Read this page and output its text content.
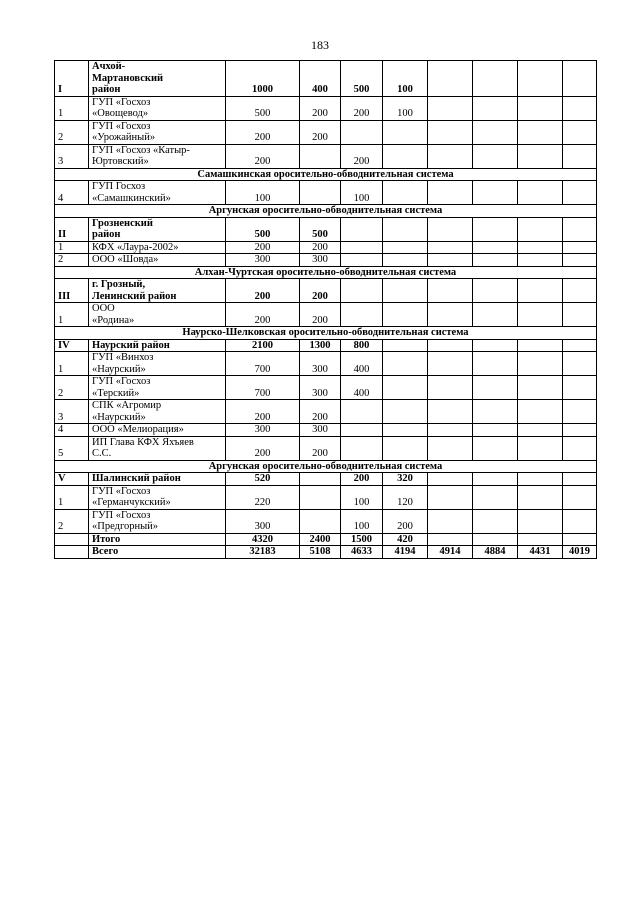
183
I	Ачхой-
Мартановский
район	1000	400	500	100				
1	ГУП «Госхоз
«Овощевод»	500	200	200	100				
2	ГУП «Госхоз
«Урожайный»	200	200						
3	ГУП «Госхоз «Катыр-
Юртовский»	200		200					
Самашкинская оросительно-обводнительная система									
4	ГУП Госхоз
«Самашкинский»	100		100					
Аргунская оросительно-обводнительная система									
II	Грозненский
район	500	500						
1	КФХ «Лаура-2002»	200	200						
2	ООО «Шовда»	300	300						
Алхан-Чуртская оросительно-обводнительная система									
III	г. Грозный,
Ленинский район	200	200						
1	ООО
«Родина»	200	200						
Наурско-Шелковская оросительно-обводнительная система									
IV	Наурский район	2100	1300	800					
1	ГУП «Винхоз
«Наурский»	700	300	400					
2	ГУП «Госхоз
«Терский»	700	300	400					
3	СПК «Агромир
«Наурский»	200	200						
4	ООО «Мелиорация»	300	300						
5	ИП Глава КФХ Яхъяев
С.С.	200	200						
Аргунская оросительно-обводнительная система									
V	Шалинский район	520		200	320				
1	ГУП «Госхоз
«Германчукский»	220		100	120				
2	ГУП «Госхоз
«Предгорный»	300		100	200				

	Итого	4320	2400	1500	420				

	Всего	32183	5108	4633	4194	4914	4884	4431	4019
